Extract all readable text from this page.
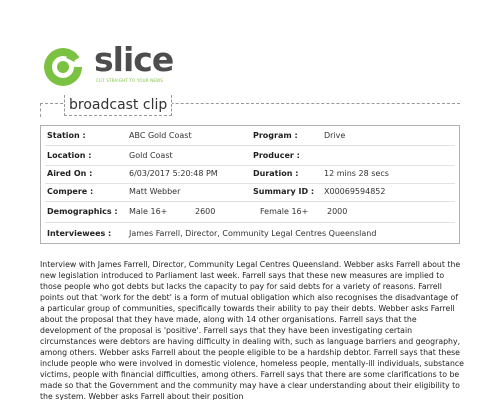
slice
CUT STRAIGHT TO YOUR NEWS
broadcast clip
Station :	ABC Gold Coast	Program :	Drive
Location :	Gold Coast	Producer :
Aired On :	6/03/2017 5:20:48 PM	Duration :	12 mins 28 secs
Compere :	Matt Webber	Summary ID : X00069594852
Demographics : Male 16+	2600	Female 16+ 2000
Interviewees : James Farrell, Director, Community Legal Centres Queensland
Interview with James Farrell, Director, Community Legal Centres Queensland. Webber asks Farrell about the new legislation introduced to Parliament last week. Farrell says that these new measures are implied to those people who got debts but lacks the capacity to pay for said debts for a variety of reasons. Farrell points out that 'work for the debt' is a form of mutual obligation which also recognises the disadvantage of a particular group of communities, specifically towards their ability to pay their debts. Webber asks Farrell about the proposal that they have made, along with 14 other organisations. Farrell says that the development of the proposal is 'positive'. Farrell says that they have been investigating certain circumstances were debtors are having difficulty in dealing with, such as language barriers and geography, among others. Webber asks Farrell about the people eligible to be a hardship debtor. Farrell says that these include people who were involved in domestic violence, homeless people, mentally-ill individuals, substance victims, people with financial difficulties, among others. Farrell says that there are some clarifications to be made so that the Government and the community may have a clear understanding about their eligibility to the system. Webber asks Farrell about their position
